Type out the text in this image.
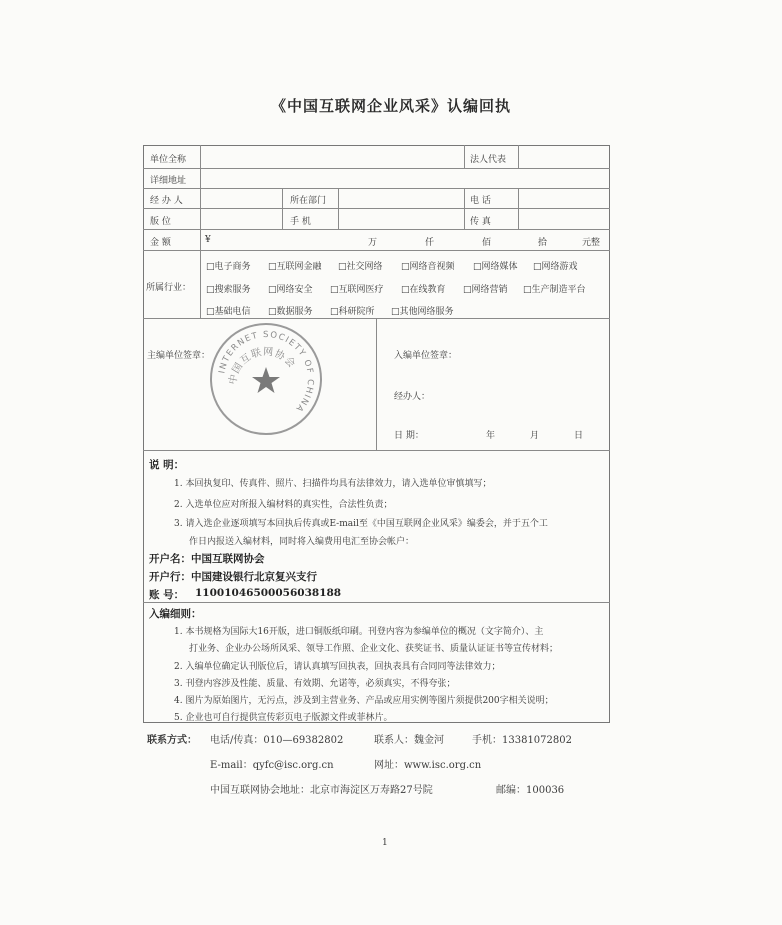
《中国互联网企业风采》认编回执
单位全称	法人代表
详细地址
经 办 人	所在部门	电 话
版 位	手 机	传 真
金 额	¥	万	仟	佰	拾	元整
所属行业：
□电子商务 □互联网金融 □社交网络 □网络音视频 □网络媒体 □网络游戏
□搜索服务 □网络安全 □互联网医疗 □在线教育 □网络营销 □生产制造平台
□基础电信 □数据服务 □科研院所 □其他网络服务
主编单位签章：	入编单位签章：
经办人：
日 期：	年	月	日
INTERNET SOCIETY OF CHINA
中国互联网协会
说 明：
1. 本回执复印、传真件、照片、扫描件均具有法律效力，请入选单位审慎填写；
2. 入选单位应对所报入编材料的真实性，合法性负责；
3. 请入选企业逐项填写本回执后传真或E-mail至《中国互联网企业风采》编委会，并于五个工
作日内报送入编材料，同时将入编费用电汇至协会帐户：
开户名：中国互联网协会
开户行：中国建设银行北京复兴支行
账 号： 11001046500056038188
入编细则：
1. 本书规格为国际大16开版，进口铜版纸印刷。刊登内容为参编单位的概况（文字简介）、主
打业务、企业办公场所风采、领导工作照、企业文化、获奖证书、质量认证证书等宣传材料；
2. 入编单位确定认刊版位后，请认真填写回执表，回执表具有合同同等法律效力；
3. 刊登内容涉及性能、质量、有效期、允诺等，必须真实，不得夸张；
4. 图片为原始图片，无污点，涉及到主营业务、产品或应用实例等图片须提供200字相关说明；
5. 企业也可自行提供宣传彩页电子版源文件或菲林片。
联系方式： 电话/传真：010—69382802	联系人：魏金河	手机：13381072802
E-mail：qyfc@isc.org.cn	网址：www.isc.org.cn
中国互联网协会地址：北京市海淀区万寿路27号院	邮编：100036
1
